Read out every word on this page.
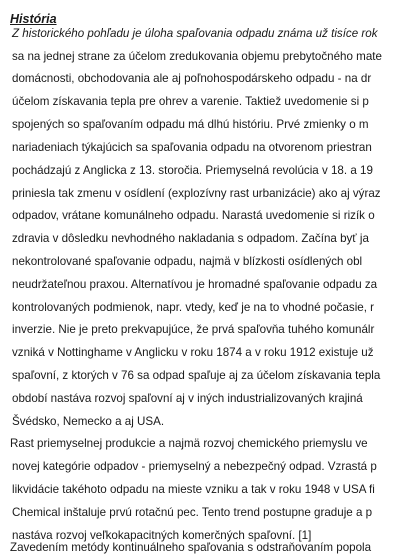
História
Z historického pohľadu je úloha spaľovania odpadu známa už tisíce rok
sa na jednej strane za účelom zredukovania objemu prebytočného mate
domácnosti, obchodovania ale aj poľnohospodárskeho odpadu - na dr
účelom získavania tepla pre ohrev a varenie. Taktiež uvedomenie si p
spojených so spaľovaním odpadu má dlhú históriu. Prvé zmienky o m
nariadeniach týkajúcich sa spaľovania odpadu na otvorenom priestran
pochádzajú z Anglicka z 13. storočia. Priemyselná revolúcia v 18. a 19
priniesla tak zmenu v osídlení (explozívny rast urbanizácie) ako aj výraz
odpadov, vrátane komunálneho odpadu. Narastá uvedomenie si rizík o
zdravia v dôsledku nevhodného nakladania s odpadom. Začína byť ja
nekontrolované spaľovanie odpadu, najmä v blízkosti osídlených obl
neudržateľnou praxou. Alternatívou je hromadné spaľovanie odpadu za
kontrolovaných podmienok, napr. vtedy, keď je na to vhodné počasie, r
inverzie. Nie je preto prekvapujúce, že prvá spaľovňa tuhého komunálr
vzniká v Nottinghame v Anglicku v roku 1874 a v roku 1912 existuje už
spaľovní, z ktorých v 76 sa odpad spaľuje aj za účelom získavania tepla
období nastáva rozvoj spaľovní aj v iných industrializovaných krajiná
Švédsko, Nemecko a aj USA.
Rast priemyselnej produkcie a najmä rozvoj chemického priemyslu ve
novej kategórie odpadov - priemyselný a nebezpečný odpad. Vzrastá p
likvidácie takéhoto odpadu na mieste vzniku a tak v roku 1948 v USA fi
Chemical inštaluje prvú rotačnú pec. Tento trend postupne graduje a p
nastáva rozvoj veľkokapacitných komerčných spaľovní. [1]
Zavedením metódy kontinuálneho spaľovania s odstraňovaním popola
